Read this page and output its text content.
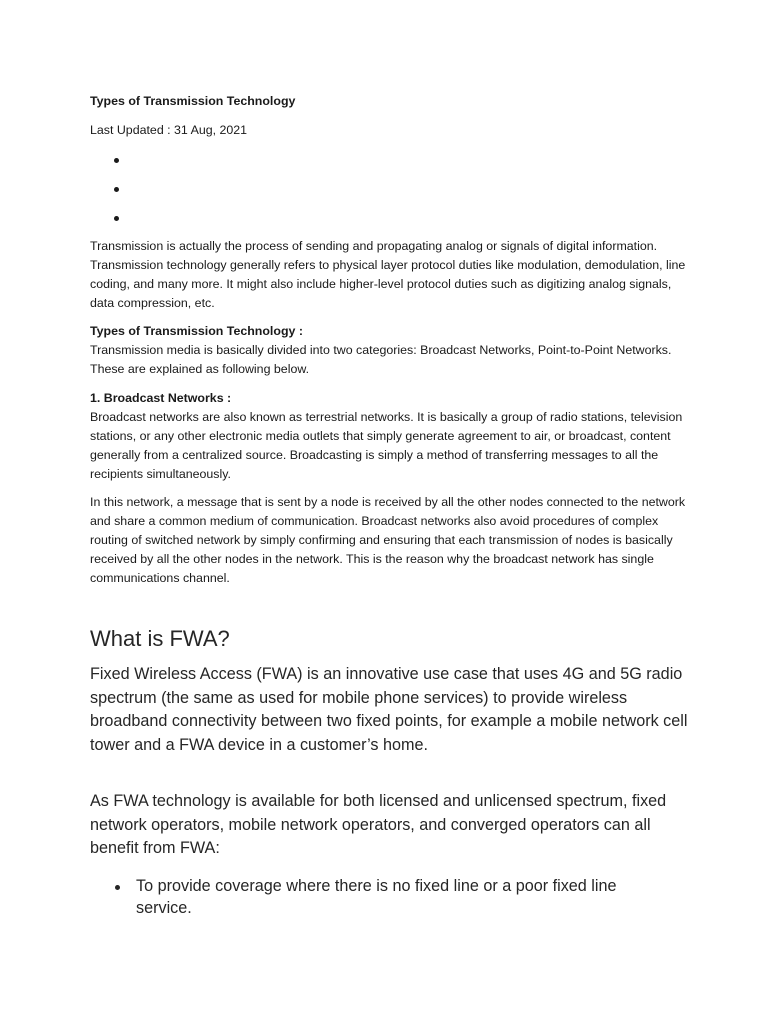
Types of Transmission Technology

Last Updated : 31 Aug, 2021

Transmission is actually the process of sending and propagating analog or signals of digital information. Transmission technology generally refers to physical layer protocol duties like modulation, demodulation, line coding, and many more. It might also include higher-level protocol duties such as digitizing analog signals, data compression, etc.

Types of Transmission Technology :

Transmission media is basically divided into two categories: Broadcast Networks, Point-to-Point Networks. These are explained as following below.

1. Broadcast Networks :

Broadcast networks are also known as terrestrial networks. It is basically a group of radio stations, television stations, or any other electronic media outlets that simply generate agreement to air, or broadcast, content generally from a centralized source. Broadcasting is simply a method of transferring messages to all the recipients simultaneously.

In this network, a message that is sent by a node is received by all the other nodes connected to the network and share a common medium of communication. Broadcast networks also avoid procedures of complex routing of switched network by simply confirming and ensuring that each transmission of nodes is basically received by all the other nodes in the network. This is the reason why the broadcast network has single communications channel.

What is FWA?

Fixed Wireless Access (FWA) is an innovative use case that uses 4G and 5G radio spectrum (the same as used for mobile phone services) to provide wireless broadband connectivity between two fixed points, for example a mobile network cell tower and a FWA device in a customer’s home.

As FWA technology is available for both licensed and unlicensed spectrum, fixed network operators, mobile network operators, and converged operators can all benefit from FWA:

To provide coverage where there is no fixed line or a poor fixed line service.
